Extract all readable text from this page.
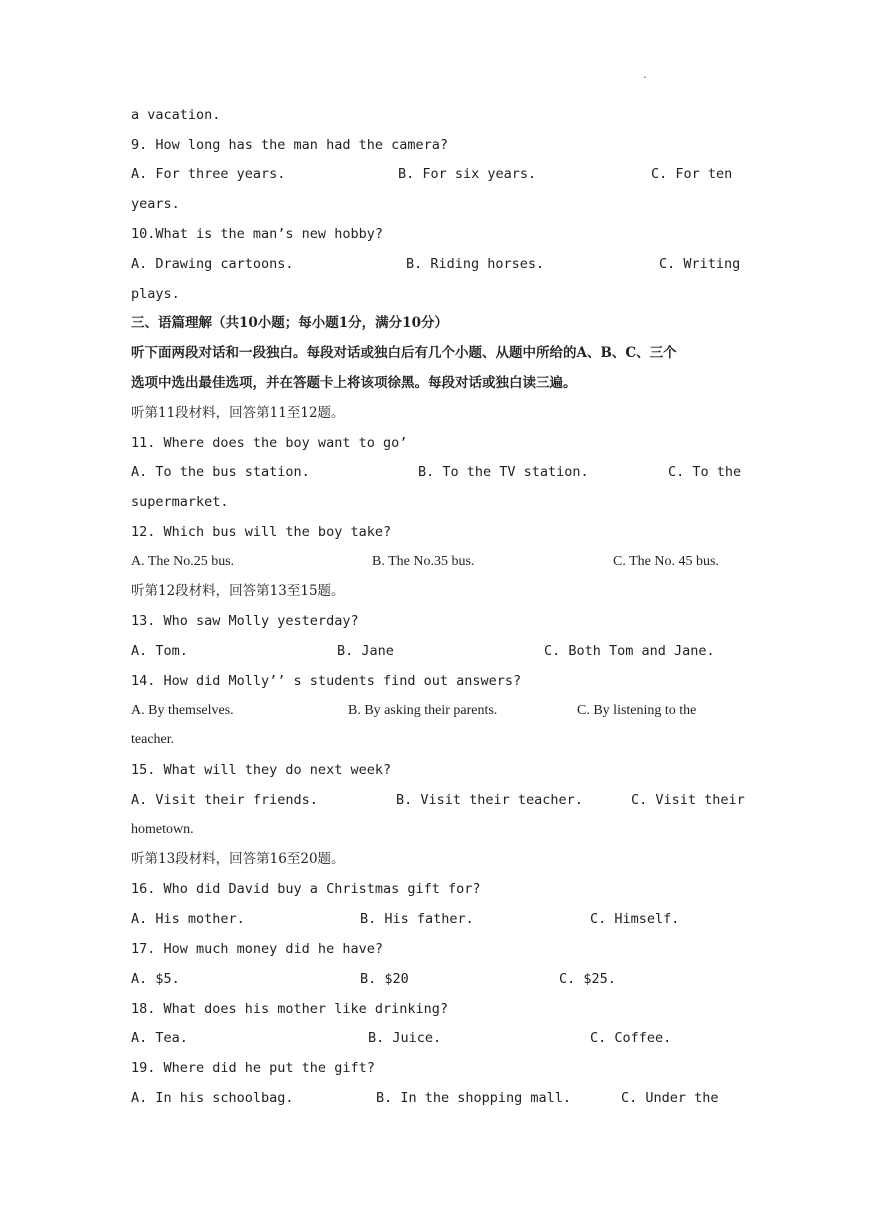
.
a vacation.
9. How long has the man had the camera?
A. For three years.	B. For six years.	C. For ten
years.
10.What is the man’s new hobby?
A. Drawing cartoons.	B. Riding horses.	C. Writing
plays.
三、语篇理解（共10小题；每小题1分，满分10分）
听下面两段对话和一段独白。每段对话或独白后有几个小题、从题中所给的A、B、C、三个
选项中选出最佳选项，并在答题卡上将该项徐黑。每段对话或独白读三遍。
听第11段材料，回答第11至12题。
11. Where does the boy want to go’
A. To the bus station.	B. To the TV station.	C. To the
supermarket.
12. Which bus will the boy take?
A. The No.25 bus.	B. The No.35 bus.	C. The No. 45 bus.
听第12段材料，回答第13至15题。
13. Who saw Molly yesterday?
A. Tom.	B. Jane	C. Both Tom and Jane.
14. How did Molly’’ s students find out answers?
A. By themselves.	B. By asking their parents.	C. By listening to the
teacher.
15. What will they do next week?
A. Visit their friends.	B. Visit their teacher.	C. Visit their
hometown.
听第13段材料，回答第16至20题。
16. Who did David buy a Christmas gift for?
A. His mother.	B. His father.	C. Himself.
17. How much money did he have?
A. $5.	B. $20	C. $25.
18. What does his mother like drinking?
A. Tea.	B. Juice.	C. Coffee.
19. Where did he put the gift?
A. In his schoolbag.	B. In the shopping mall.	C. Under the
